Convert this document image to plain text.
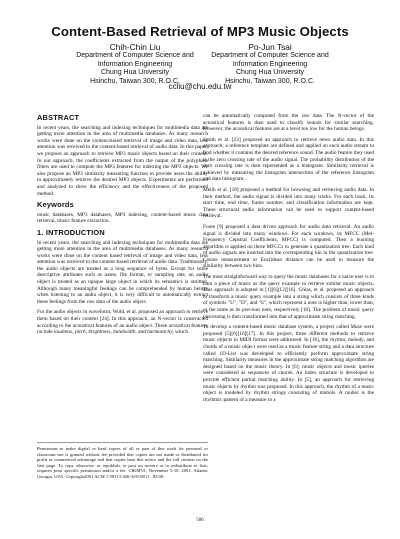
Content-Based Retrieval of MP3 Music Objects
Chih-Chin Liu
Department of Computer Science and
Information Engineering
Chung Hua University
Hsinchu, Taiwan 300, R.O.C.
Po-Jun Tsai
Department of Computer Science and
Information Engineering
Chung Hua University
Hsinchu, Taiwan 300, R.O.C.
ccliu@chu.edu.tw
ABSTRACT

In recent years, the searching and indexing techniques for multimedia data are getting more attention in the area of multimedia databases. As many research works were done on the content-based retrieval of image and video data, less attention was received to the content-based retrieval of audio data. In this paper, we propose an approach to retrieve MP3 music objects based on their content. In our approach, the coefficients extracted from the output of the polyphase filters are used to compute the MP3 features for indexing the MP3 objects. We also propose an MP3 similarity measuring function to provide users the ability to approximately retrieve the desired MP3 objects. Experiments are performed and analyzed to show the efficiency and the effectiveness of the proposed method.

Keywords

music databases, MP3 databases, MP3 indexing, content-based music data retrieval, music feature extraction.

1. INTRODUCTION

In recent years, the searching and indexing techniques for multimedia data are getting more attention in the area of multimedia databases. As many research works were done on the content based retrieval of image and video data, less attention was received to the content-based retrieval of audio data. Traditionally, the audio objects are treated as a long sequence of bytes. Except for some descriptive attributes such as name, file format, or sampling rate, an audio object is treated as an opaque large object in which its semantics is omitted. Although many meaningful feelings can be comprehended by human beings when listening to an audio object, it is very difficult to automatically extract these feelings from the raw data of the audio object.

For the audio objects in waveform, Wold, et al. proposed an approach to retrieve them based on their content [24]. In this approach, an N-vector is constructed according to the acoustical features of an audio object. These acoustical features include loudness, pitch, brightness, bandwidth, and harmonicity, which

Permission to make digital or hard copies of all or part of this work for personal or classroom use is granted without fee provided that copies are not made or distributed for profit or commercial advantage and that copies bear this notice and the full citation on the first page. To copy otherwise, or republish, to post on servers or to redistribute to lists, requires prior specific permission and/or a fee. CIKM'01, November 5-10, 2001, Atlanta, Georgia, USA. Copyright2001 ACM 1-58113-436-3/01/0011...$5.00.

can be automatically computed from the raw data. The N-vector of the acoustical features is then used to classify sounds for similar searching. However, the acoustical features are at a level too low for the human beings.

Smith et al. [23] proposed an approach to retrieve news audio data. In this approach, a reference template are defined and applied on each audio stream to find whether it contains the desired reference sound. The audio feature they used is the zero crossing rate of the audio signal. The probability distribution of the zero crossing rate is then represented as a histogram. Similarity retrieval is achieved by measuring the histogram intersection of the reference histogram and data histogram.

Melih et al. [18] proposed a method for browsing and retrieving audio data. In their method, the audio signal is divided into many tracks. For each track, its start time, end time, frame number, and classification information are kept. These structural audio information can be used to support content-based retrieval.

Foote [9] proposed a data driven approach for audio data retrieval. An audio signal is divided into many windows. For each windows, its MFCC (Mel-Frequency Cepstral Coefficients, MFCC) is computed. Then a learning algorithm is applied on these MFCCs to generate a quantization tree. Each kind of audio signals are inserted into the corresponding bin in the quantization tree. Cosine measurement or Euclidean distance can be used to measure the similarity between two bins.

The most straightforward way to query the music databases for a naive user is to hum a piece of music as the query example to retrieve similar music objects. This approach is adopted in [1][6][12][16]. Ghias, et al. proposed an approach to transform a music query example into a string which consists of three kinds of symbols "U", "D", and "S", which represent a note is higher than, lower than, or the same as its previous note, respectively [10]. The problem of music query processing is then transformed into that of approximate string matching.

To develop a content-based music database system, a project called Muse were proposed [5][6][16][17]. In this project, three different methods to retrieve music objects in MIDI format were addressed. In [16], the rhythm, melody, and chords of a music object were used as a music feature string and a data structure called 1D-List was developed to efficiently perform approximate string matching. Similarity measures in the approximate string matching algorithm are designed based on the music theory. In [6], music objects and music queries were considered as sequences of chords. An index structure is developed to provide efficient partial matching ability. In [5], an approach for retrieving music objects by rhythm was proposed. In this approach, the rhythm of a music object is modeled by rhythm strings consisting of mubols. A mubol is the rhythmic pattern of a measure in a

506
